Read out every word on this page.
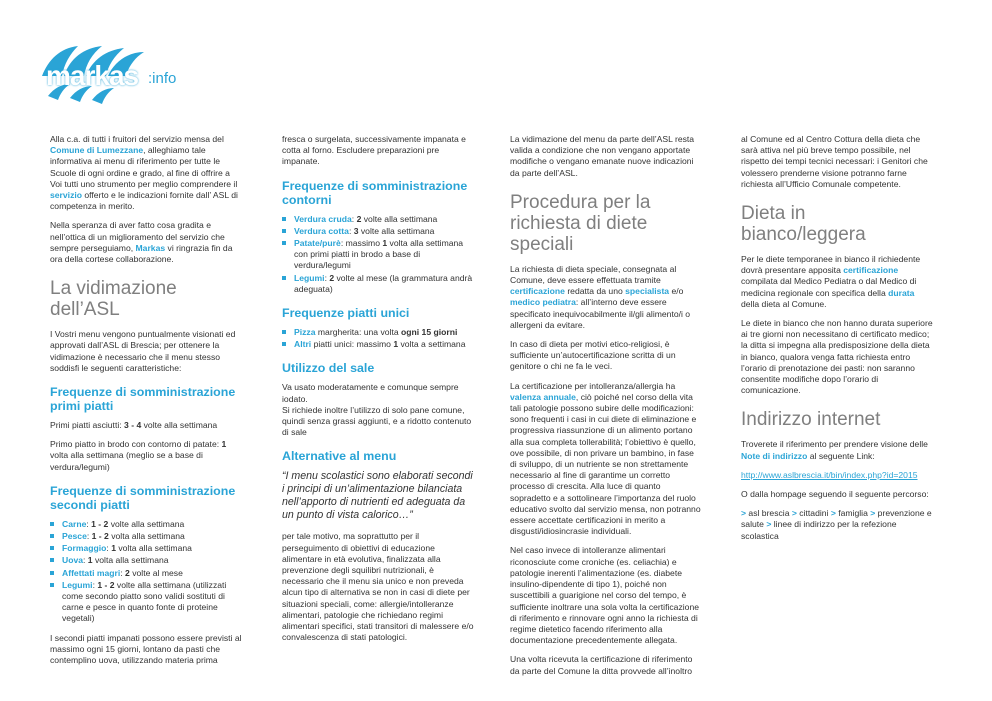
markas :info

Alla c.a. di tutti i fruitori del servizio mensa del Comune di Lumezzane, alleghiamo tale informativa ai menu di riferimento per tutte le Scuole di ogni ordine e grado, al fine di offrire a Voi tutti uno strumento per meglio comprendere il servizio offerto e le indicazioni fornite dall’ ASL di competenza in merito.

Nella speranza di aver fatto cosa gradita e nell’ottica di un miglioramento del servizio che sempre perseguiamo, Markas vi ringrazia fin da ora della cortese collaborazione.

La vidimazione dell’ASL

I Vostri menu vengono puntualmente visionati ed approvati dall’ASL di Brescia; per ottenere la vidimazione è necessario che il menu stesso soddisfi le seguenti caratteristiche:

Frequenze di somministrazione primi piatti

Primi piatti asciutti: 3 - 4 volte alla settimana

Primo piatto in brodo con contorno di patate: 1 volta alla settimana (meglio se a base di verdura/legumi)

Frequenze di somministrazione secondi piatti
Carne: 1 - 2 volte alla settimana
Pesce: 1 - 2 volta alla settimana
Formaggio: 1 volta alla settimana
Uova: 1 volta alla settimana
Affettati magri: 2 volte al mese
Legumi: 1 - 2 volte alla settimana (utilizzati come secondo piatto sono validi sostituti di carne e pesce in quanto fonte di proteine vegetali)

I secondi piatti impanati possono essere previsti al massimo ogni 15 giorni, lontano da pasti che contemplino uova, utilizzando materia prima

fresca o surgelata, successivamente impanata e cotta al forno. Escludere preparazioni pre impanate.

Frequenze di somministrazione contorni
Verdura cruda: 2 volte alla settimana
Verdura cotta: 3 volte alla settimana
Patate/purè: massimo 1 volta alla settimana con primi piatti in brodo a base di verdura/legumi
Legumi: 2 volte al mese (la grammatura andrà adeguata)
Frequenze piatti unici
Pizza margherita: una volta ogni 15 giorni
Altri piatti unici: massimo 1 volta a settimana
Utilizzo del sale

Va usato moderatamente e comunque sempre iodato.
Si richiede inoltre l’utilizzo di solo pane comune, quindi senza grassi aggiunti, e a ridotto contenuto di sale

Alternative al menu

“I menu scolastici sono elaborati secondi i principi di un’alimentazione bilanciata nell’apporto di nutrienti ed adeguata da un punto di vista calorico…”

per tale motivo, ma soprattutto per il perseguimento di obiettivi di educazione alimentare in età evolutiva, finalizzata alla prevenzione degli squilibri nutrizionali, è necessario che il menu sia unico e non preveda alcun tipo di alternativa se non in casi di diete per situazioni speciali, come: allergie/intolleranze alimentari, patologie che richiedano regimi alimentari specifici, stati transitori di malessere e/o convalescenza di stati patologici.

La vidimazione del menu da parte dell’ASL resta valida a condizione che non vengano apportate modifiche o vengano emanate nuove indicazioni da parte dell’ASL.

Procedura per la richiesta di diete speciali

La richiesta di dieta speciale, consegnata al Comune, deve essere effettuata tramite certificazione redatta da uno specialista e/o medico pediatra: all’interno deve essere specificato inequivocabilmente il/gli alimento/i o allergeni da evitare.

In caso di dieta per motivi etico-religiosi, è sufficiente un’autocertificazione scritta di un genitore o chi ne fa le veci.

La certificazione per intolleranza/allergia ha valenza annuale, ciò poiché nel corso della vita tali patologie possono subire delle modificazioni: sono frequenti i casi in cui diete di eliminazione e progressiva riassunzione di un alimento portano alla sua completa tollerabilità; l’obiettivo è quello, ove possibile, di non privare un bambino, in fase di sviluppo, di un nutriente se non strettamente necessario al fine di garantime un corretto processo di crescita. Alla luce di quanto sopradetto e a sottolineare l’importanza del ruolo educativo svolto dal servizio mensa, non potranno essere accettate certificazioni in merito a disgusti/idiosincrasie individuali.

Nel caso invece di intolleranze alimentari riconosciute come croniche (es. celiachia) e patologie inerenti l’alimentazione (es. diabete insulino-dipendente di tipo 1), poiché non suscettibili a guarigione nel corso del tempo, è sufficiente inoltrare una sola volta la certificazione di riferimento e rinnovare ogni anno la richiesta di regime dietetico facendo riferimento alla documentazione precedentemente allegata.

Una volta ricevuta la certificazione di riferimento da parte del Comune la ditta provvede all’inoltro

al Comune ed al Centro Cottura della dieta che sarà attiva nel più breve tempo possibile, nel rispetto dei tempi tecnici necessari: i Genitori che volessero prenderne visione potranno farne richiesta all’Ufficio Comunale competente.

Dieta in bianco/leggera

Per le diete temporanee in bianco il richiedente dovrà presentare apposita certificazione compilata dal Medico Pediatra o dal Medico di medicina regionale con specifica della durata della dieta al Comune.

Le diete in bianco che non hanno durata superiore ai tre giorni non necessitano di certificato medico; la ditta si impegna alla predisposizione della dieta in bianco, qualora venga fatta richiesta entro l’orario di prenotazione dei pasti: non saranno consentite modifiche dopo l’orario di comunicazione.

Indirizzo internet

Troverete il riferimento per prendere visione delle Note di indirizzo al seguente Link:

http://www.aslbrescia.it/bin/index.php?id=2015

O dalla hompage seguendo il seguente percorso:

> asl brescia > cittadini > famiglia > prevenzione e salute > linee di indirizzo per la refezione scolastica
